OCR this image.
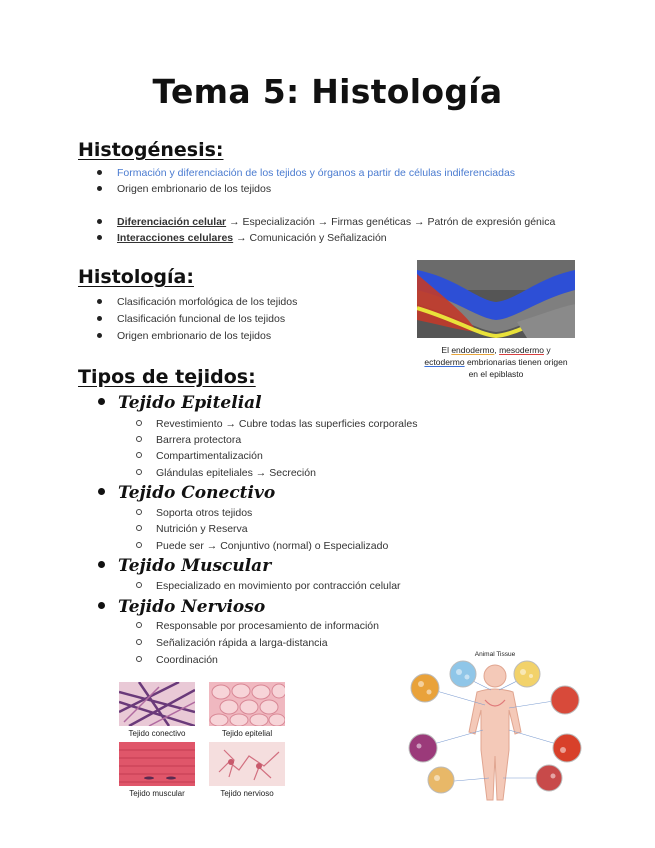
Tema 5: Histología
Histogénesis:
Formación y diferenciación de los tejidos y órganos a partir de células indiferenciadas
Origen embrionario de los tejidos
Diferenciación celular → Especialización → Firmas genéticas → Patrón de expresión génica
Interacciones celulares → Comunicación y Señalización
Histología:
Clasificación morfológica de los tejidos
Clasificación funcional de los tejidos
Origen embrionario de los tejidos
El endodermo, mesodermo y
ectodermo embrionarias tienen origen
en el epiblasto
Tipos de tejidos:
Tejido Epitelial
Revestimiento → Cubre todas las superficies corporales
Barrera protectora
Compartimentalización
Glándulas epiteliales → Secreción
Tejido Conectivo
Soporta otros tejidos
Nutrición y Reserva
Puede ser → Conjuntivo (normal) o Especializado
Tejido Muscular
Especializado en movimiento por contracción celular
Tejido Nervioso
Responsable por procesamiento de información
Señalización rápida a larga-distancia
Coordinación
Tejido conectivo	Tejido epitelial
Tejido muscular	Tejido nervioso
Animal Tissue
